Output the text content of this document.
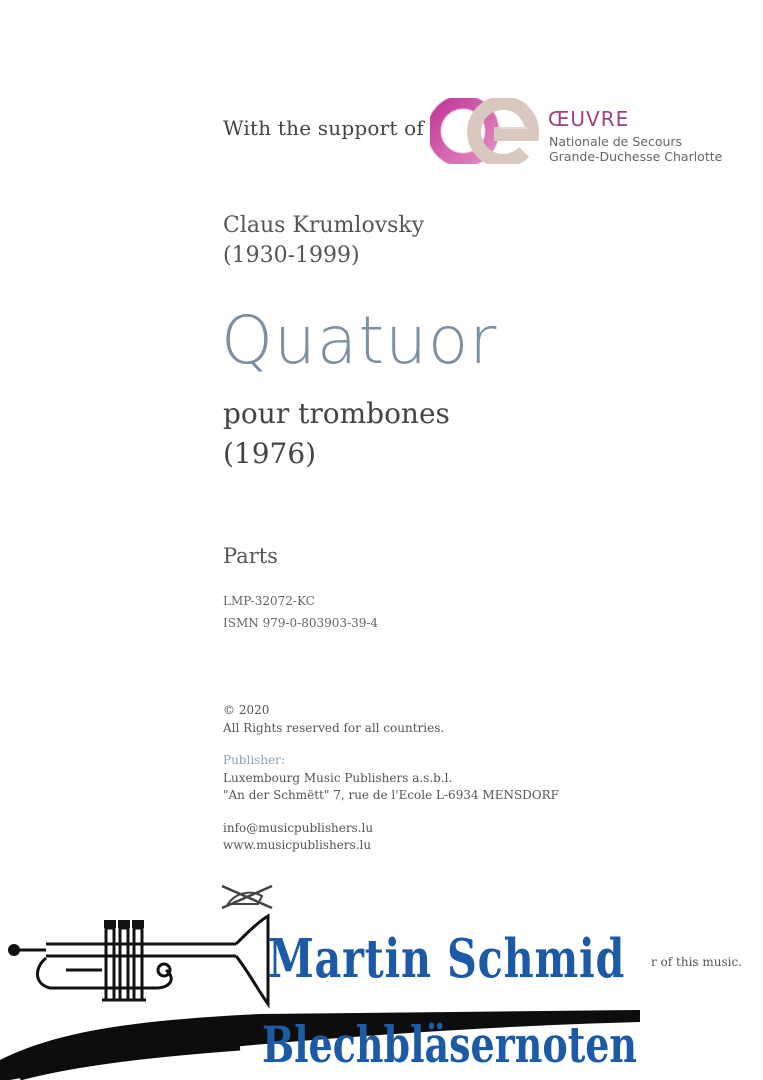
With the support of	ŒUVRE
Nationale de Secours
Grande-Duchesse Charlotte
Claus Krumlovsky
(1930-1999)
Quatuor
pour trombones
(1976)
Parts
LMP-32072-KC
ISMN 979-0-803903-39-4
© 2020
All Rights reserved for all countries.
Publisher:
Luxembourg Music Publishers a.s.b.l.
"An der Schmëtt" 7, rue de l'Ecole L-6934 MENSDORF
info@musicpublishers.lu
www.musicpublishers.lu
r of this music.
Martin Schmid
Blechbläsernoten
